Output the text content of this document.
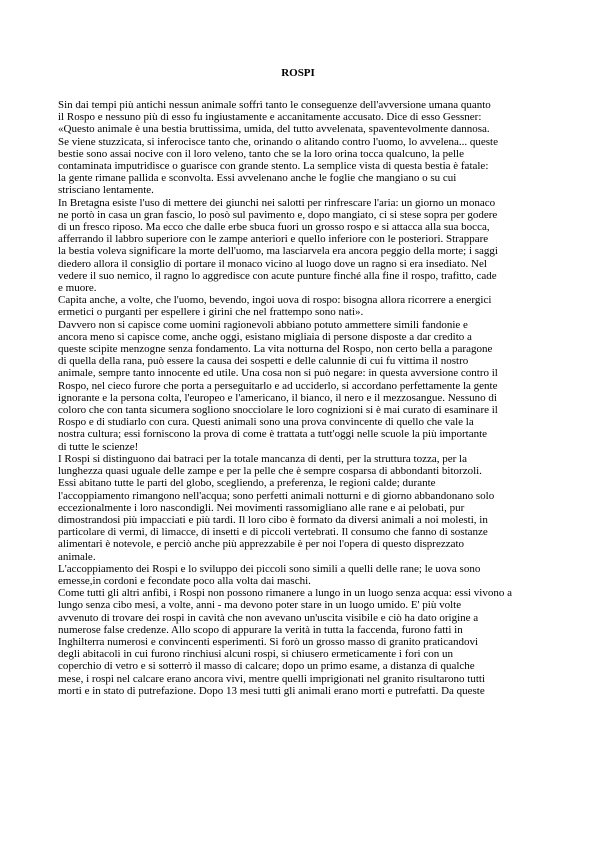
ROSPI

Sin dai tempi più antichi nessun animale soffrì tanto le conseguenze dell'avversione umana quanto
il Rospo e nessuno più di esso fu ingiustamente e accanitamente accusato. Dice di esso Gessner:
«Questo animale è una bestia bruttissima, umida, del tutto avvelenata, spaventevolmente dannosa.
Se viene stuzzicata, si inferocisce tanto che, orinando o alitando contro l'uomo, lo avvelena... queste
bestie sono assai nocive con il loro veleno, tanto che se la loro orina tocca qualcuno, la pelle
contaminata imputridisce o guarisce con grande stento. La semplice vista di questa bestia è fatale:
la gente rimane pallida e sconvolta. Essi avvelenano anche le foglie che mangiano o su cui
strisciano lentamente.

In Bretagna esiste l'uso di mettere dei giunchi nei salotti per rinfrescare l'aria: un giorno un monaco
ne portò in casa un gran fascio, lo posò sul pavimento e, dopo mangiato, ci si stese sopra per godere
di un fresco riposo. Ma ecco che dalle erbe sbuca fuori un grosso rospo e si attacca alla sua bocca,
afferrando il labbro superiore con le zampe anteriori e quello inferiore con le posteriori. Strappare
la bestia voleva significare la morte dell'uomo, ma lasciarvela era ancora peggio della morte; i saggi
diedero allora il consiglio di portare il monaco vicino al luogo dove un ragno si era insediato. Nel
vedere il suo nemico, il ragno lo aggrediscе con acute punture finché alla fine il rospo, trafitto, cade
e muore.

Capita anche, a volte, che l'uomo, bevendo, ingoi uova di rospo: bisogna allora ricorrere a energici
ermetici o purganti per espellere i girini che nel frattempo sono nati».

Davvero non si capisce come uomini ragionevoli abbiano potuto ammettere simili fandonie e
ancora meno si capisce come, anche oggi, esistano migliaia di persone disposte a dar credito a
queste scipite menzogne senza fondamento. La vita notturna del Rospo, non certo bella a paragone
di quella della rana, può essere la causa dei sospetti e delle calunnie di cui fu vittima il nostro
animale, sempre tanto innocente ed utile. Una cosa non si può negare: in questa avversione contro il
Rospo, nel cieco furore che porta a perseguitarlo e ad ucciderlo, si accordano perfettamente la gente
ignorante e la persona colta, l'europeo e l'americano, il bianco, il nero e il mezzosangue. Nessuno di
coloro che con tanta sicumera sogliono snocciolare le loro cognizioni si è mai curato di esaminare il
Rospo e di studiarlo con cura. Questi animali sono una prova convincente di quello che vale la
nostra cultura; essi forniscono la prova di come è trattata a tutt'oggi nelle scuole la più importante
di tutte le scienze!

I Rospi si distinguono dai batraci per la totale mancanza di denti, per la struttura tozza, per la
lunghezza quasi uguale delle zampe e per la pelle che è sempre cosparsa di abbondanti bitorzoli.
Essi abitano tutte le parti del globo, scegliendo, a preferenza, le regioni calde; durante
l'accoppiamento rimangono nell'acqua; sono perfetti animali notturni e di giorno abbandonano solo
eccezionalmente i loro nascondigli. Nei movimenti rassomigliano alle rane e ai pelobati, pur
dimostrandosi più impacciati e più tardi. Il loro cibo è formato da diversi animali a noi molesti, in
particolare di vermi, di limacce, di insetti e di piccoli vertebrati. Il consumo che fanno di sostanze
alimentari è notevole, e perciò anche più apprezzabile è per noi l'opera di questo disprezzato
animale.

L'accoppiamento dei Rospi e lo sviluppo dei piccoli sono simili a quelli delle rane; le uova sono
emesse,in cordoni e fecondate poco alla volta dai maschi.

Come tutti gli altri anfibi, i Rospi non possono rimanere a lungo in un luogo senza acqua: essi vivono a
lungo senza cibo mesi, a volte, anni - ma devono poter stare in un luogo umido. E' più volte
avvenuto di trovare dei rospi in cavità che non avevano un'uscita visibile e ciò ha dato origine a
numerose false credenze. Allo scopo di appurare la verità in tutta la faccenda, furono fatti in
Inghilterra numerosi e convincenti esperimenti. Si forò un grosso masso di granito praticandovi
degli abitacoli in cui furono rinchiusi alcuni rospi, si chiusero ermeticamente i fori con un
coperchio di vetro e si sotterrò il masso di calcare; dopo un primo esame, a distanza di qualche
mese, i rospi nel calcare erano ancora vivi, mentre quelli imprigionati nel granito risultarono tutti
morti e in stato di putrefazione. Dopo 13 mesi tutti gli animali erano morti e putrefatti. Da queste
